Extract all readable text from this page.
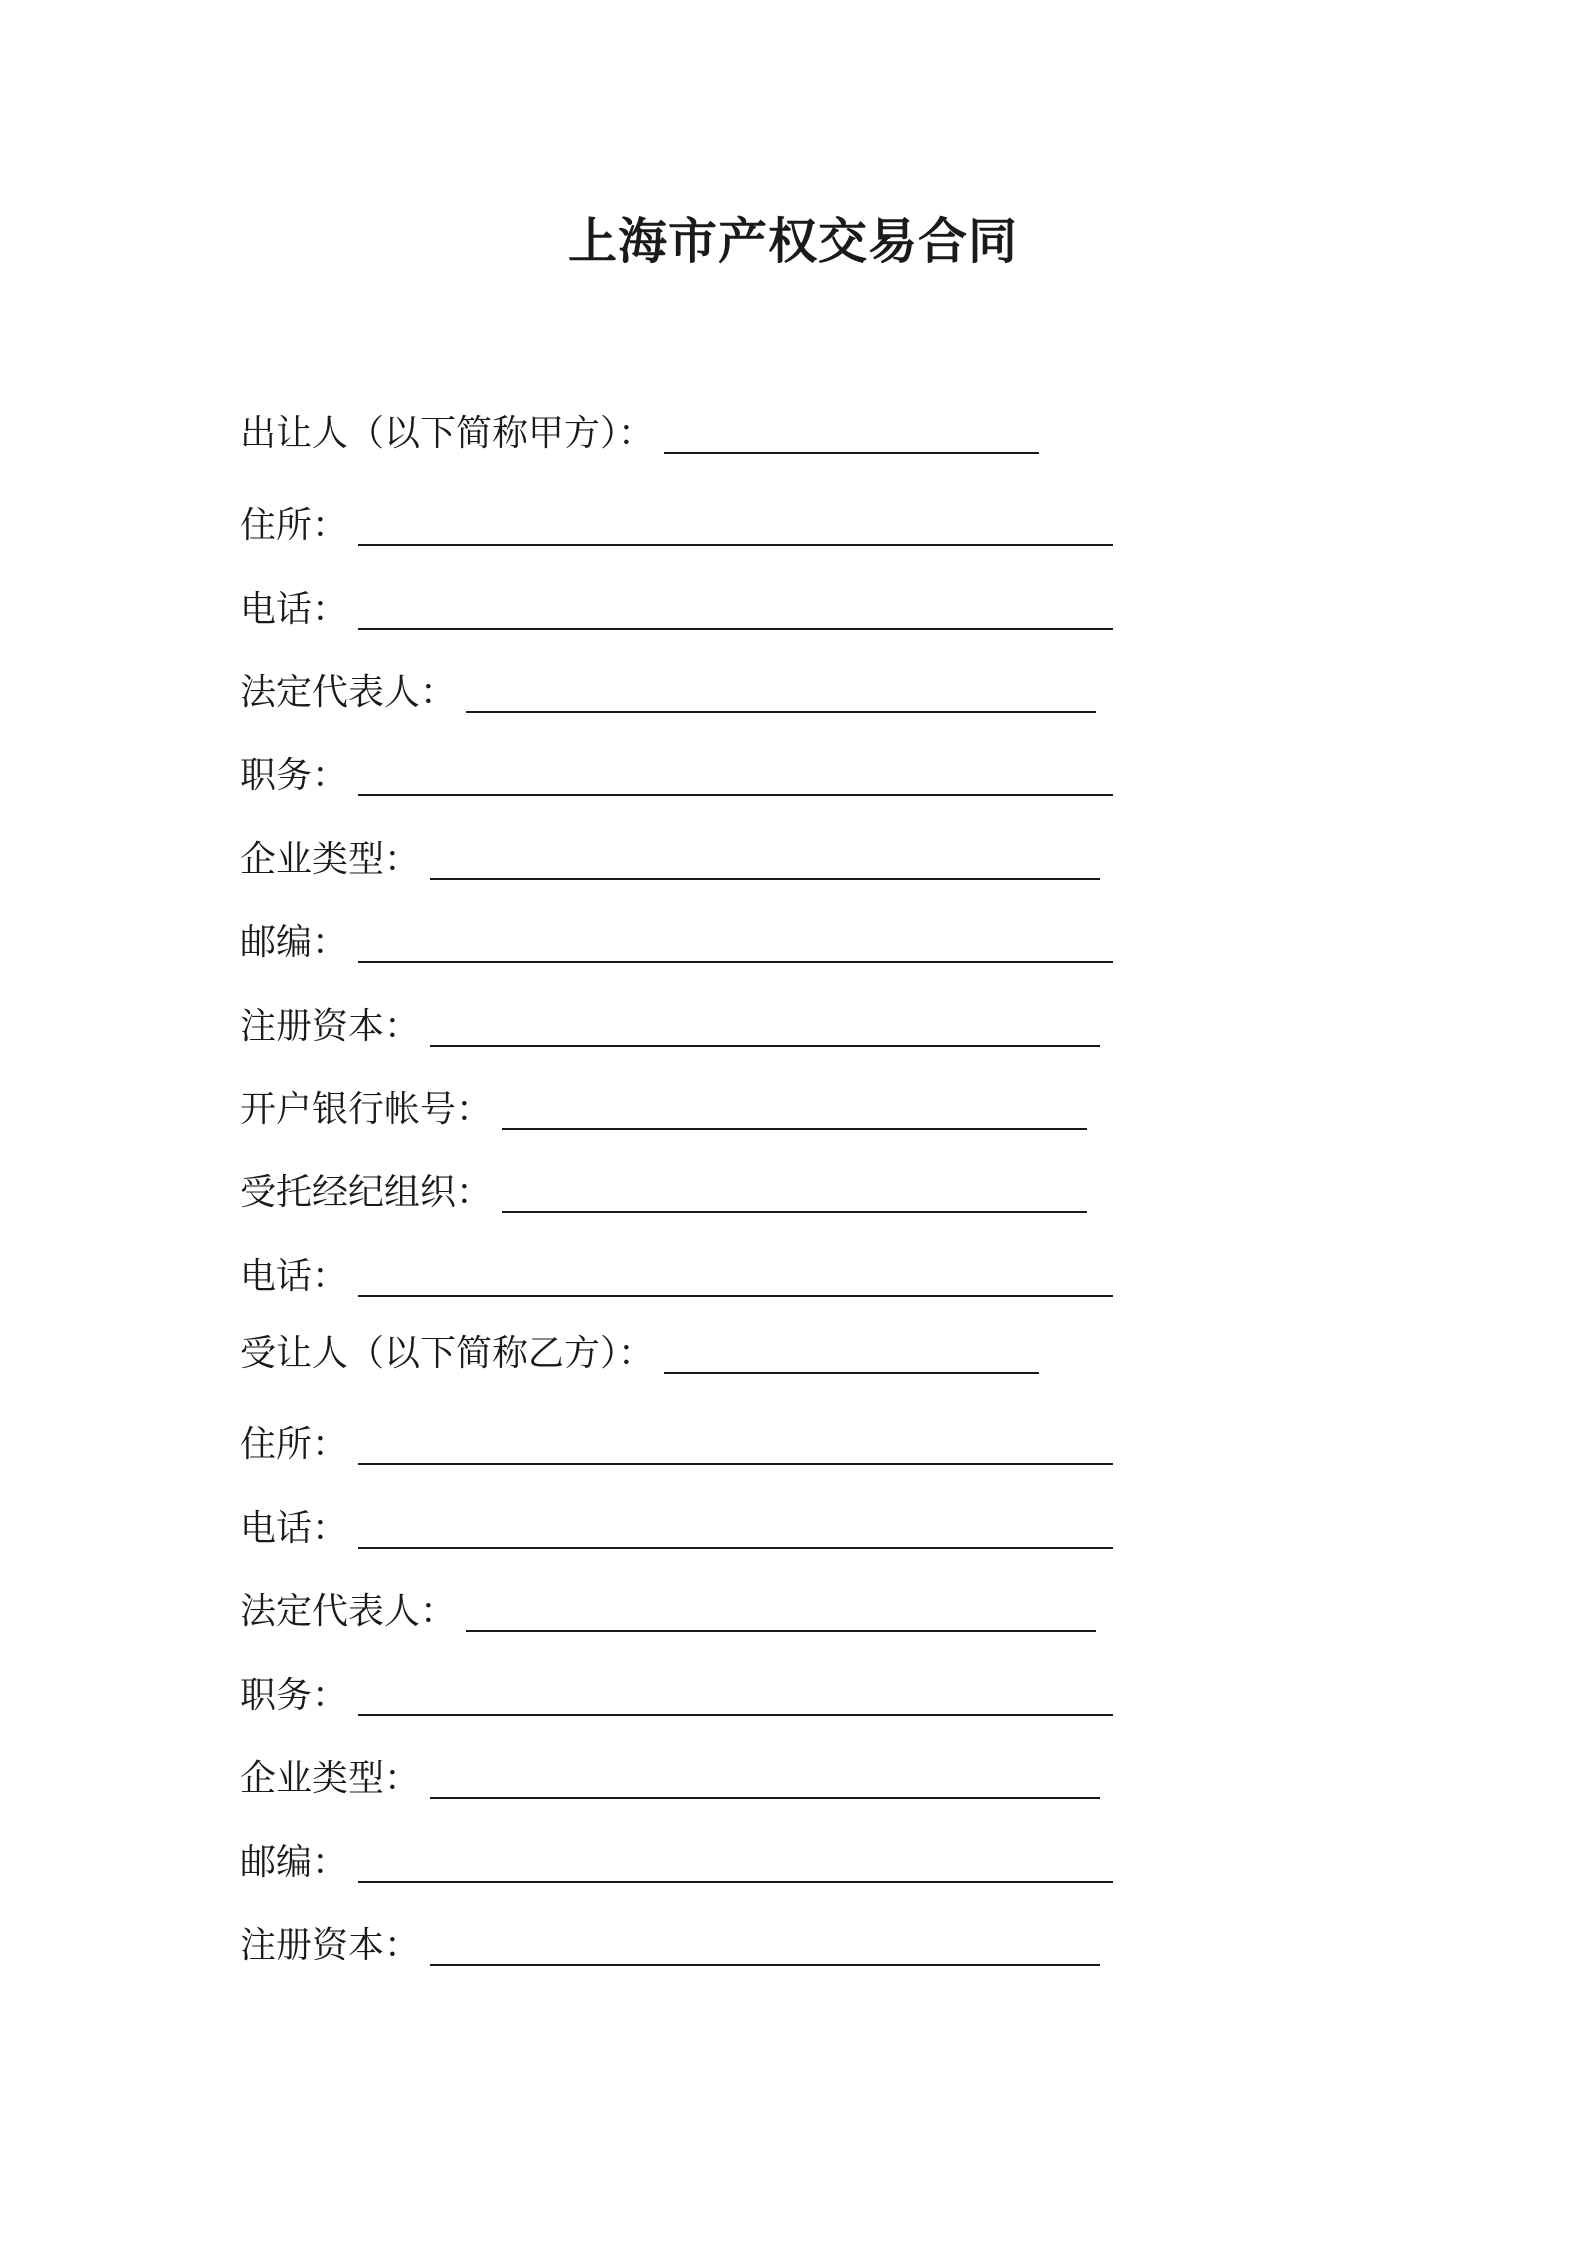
上海市产权交易合同
出让人（以下简称甲方）：
住所：
电话：
法定代表人：
职务：
企业类型：
邮编：
注册资本：
开户银行帐号：
受托经纪组织：
电话：
受让人（以下简称乙方）：
住所：
电话：
法定代表人：
职务：
企业类型：
邮编：
注册资本：
